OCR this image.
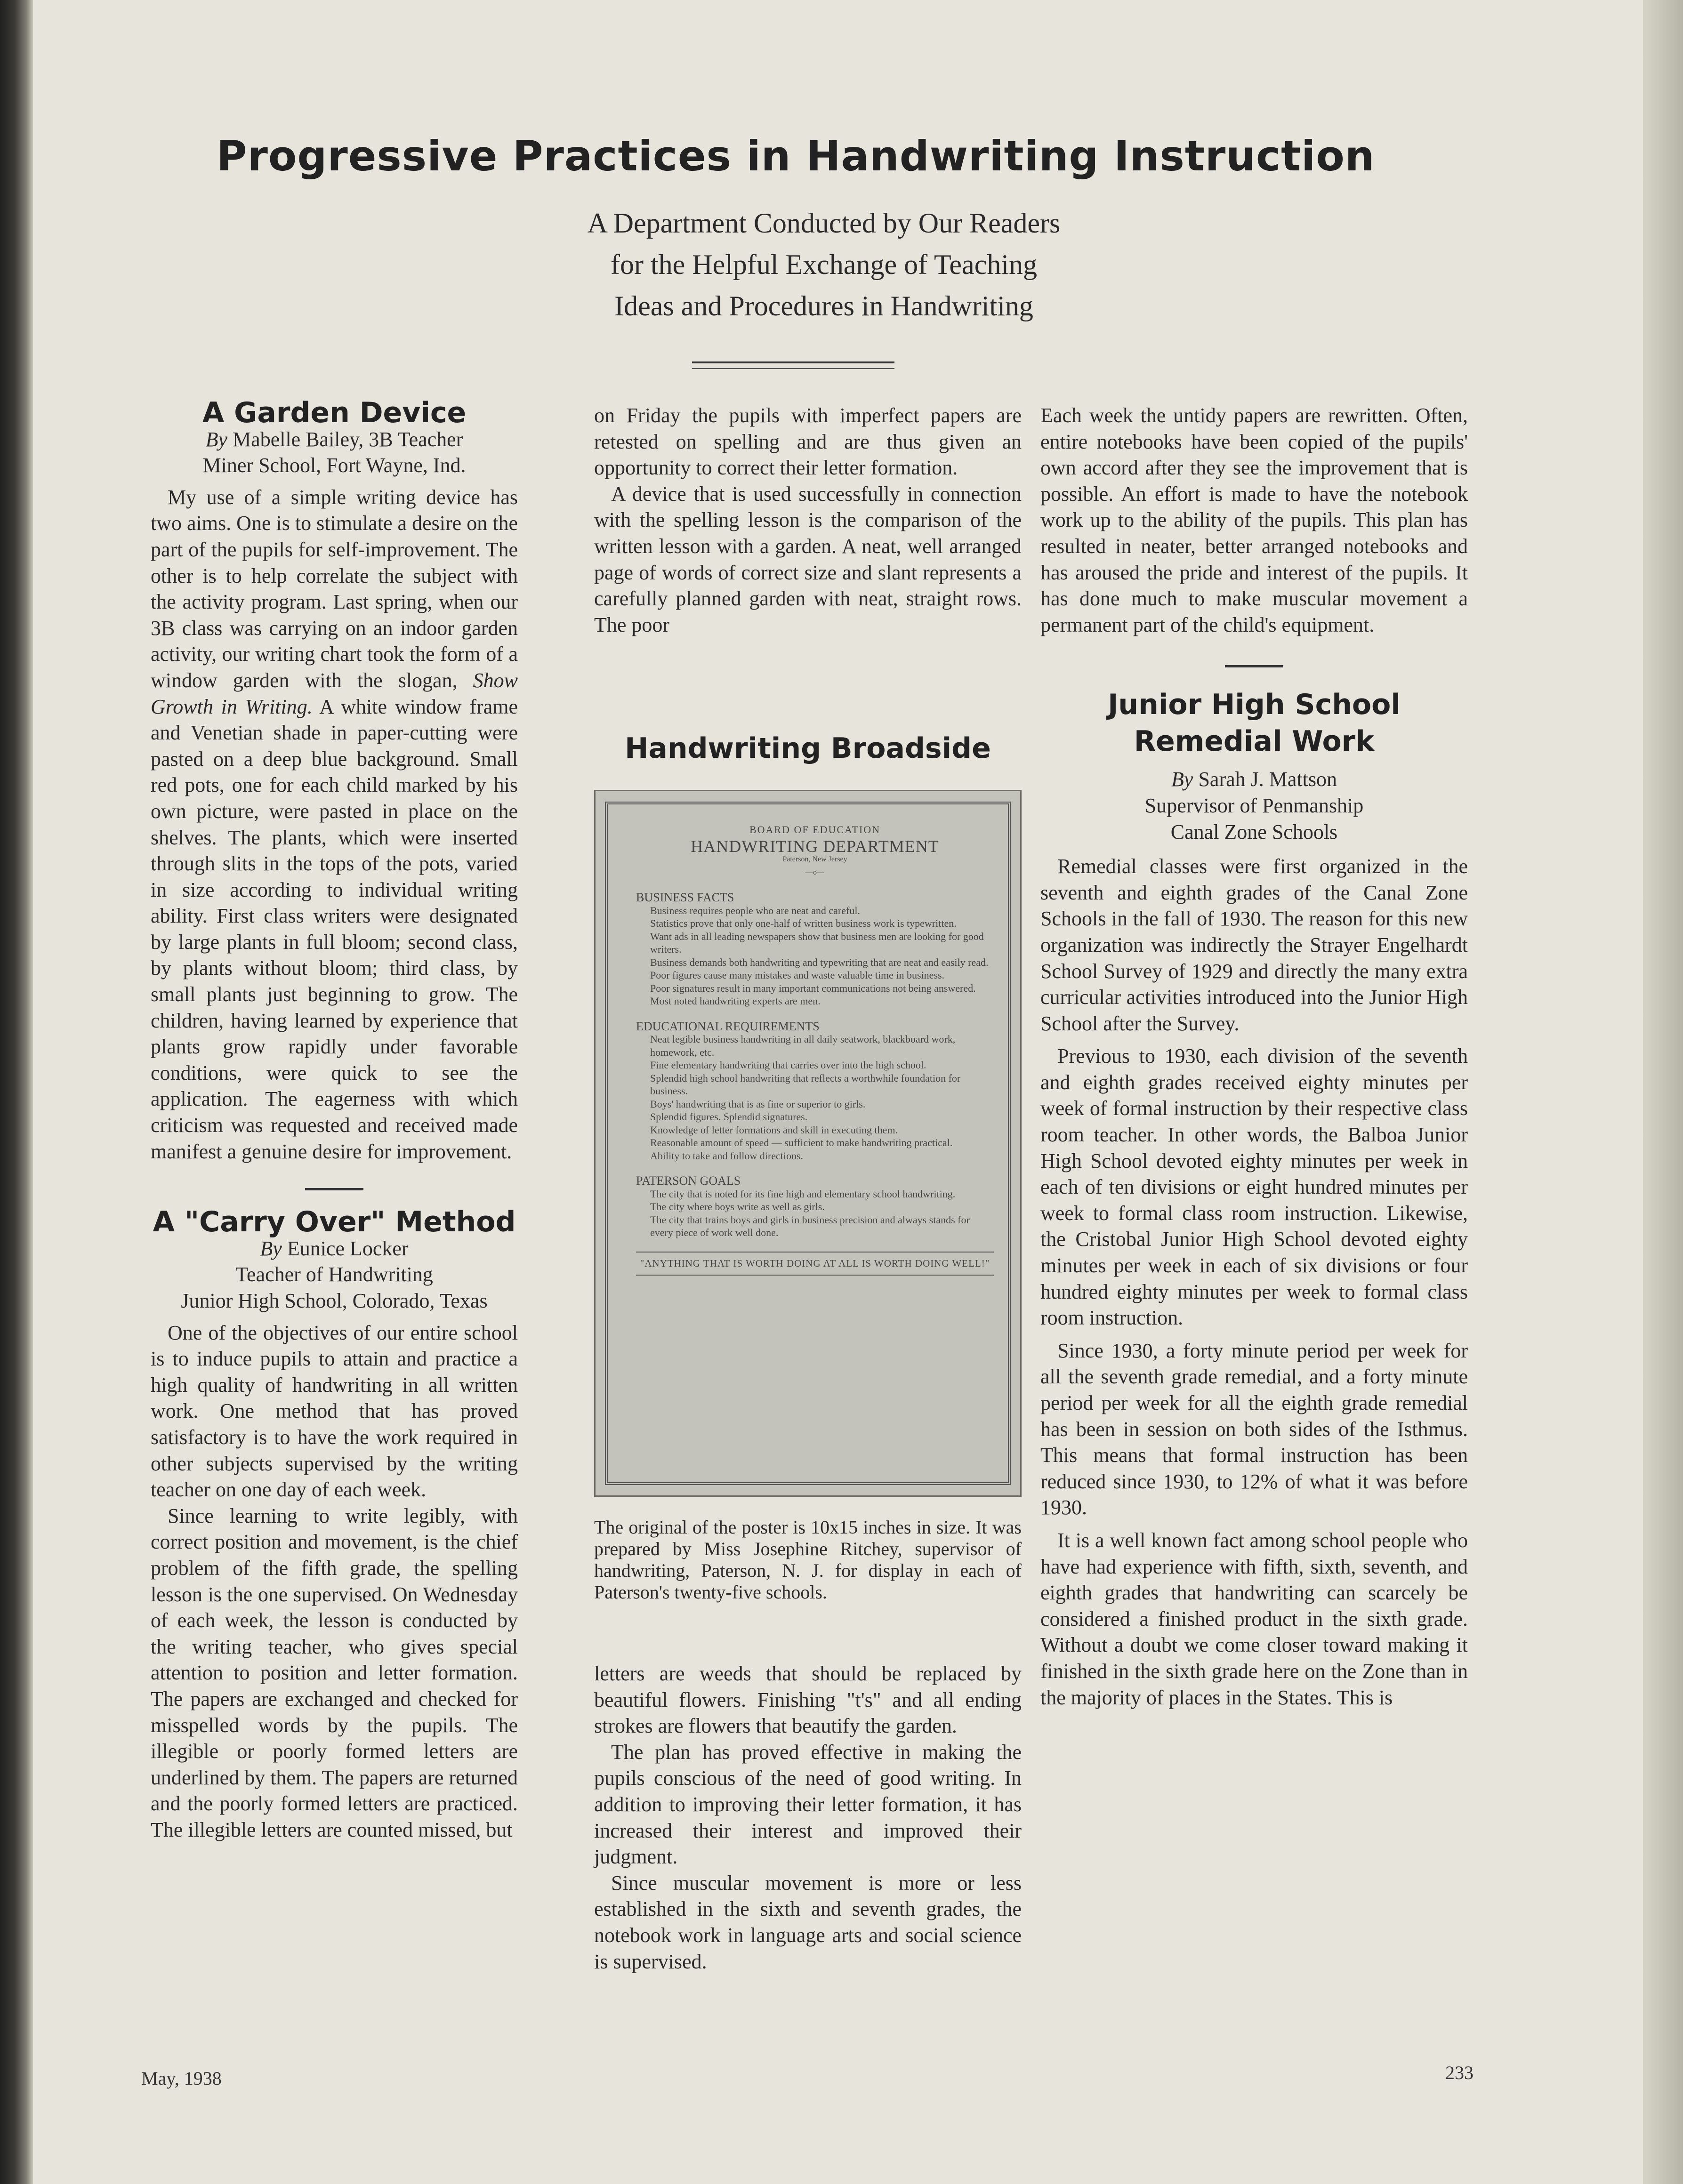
Progressive Practices in Handwriting Instruction
A Department Conducted by Our Readers
for the Helpful Exchange of Teaching
Ideas and Procedures in Handwriting
A Garden Device
By Mabelle Bailey, 3B Teacher
Miner School, Fort Wayne, Ind.

My use of a simple writing device has two aims. One is to stimulate a desire on the part of the pupils for self-improvement. The other is to help correlate the subject with the activity program. Last spring, when our 3B class was carrying on an indoor garden activity, our writing chart took the form of a window garden with the slogan, Show Growth in Writing. A white window frame and Venetian shade in paper-cutting were pasted on a deep blue background. Small red pots, one for each child marked by his own picture, were pasted in place on the shelves. The plants, which were inserted through slits in the tops of the pots, varied in size according to individual writing ability. First class writers were designated by large plants in full bloom; second class, by plants without bloom; third class, by small plants just beginning to grow. The children, having learned by experience that plants grow rapidly under favorable conditions, were quick to see the application. The eagerness with which criticism was requested and received made manifest a genuine desire for improvement.

A "Carry Over" Method
By Eunice Locker
Teacher of Handwriting
Junior High School, Colorado, Texas

One of the objectives of our entire school is to induce pupils to attain and practice a high quality of handwriting in all written work. One method that has proved satisfactory is to have the work required in other subjects supervised by the writing teacher on one day of each week.

Since learning to write legibly, with correct position and movement, is the chief problem of the fifth grade, the spelling lesson is the one supervised. On Wednesday of each week, the lesson is conducted by the writing teacher, who gives special attention to position and letter formation. The papers are exchanged and checked for misspelled words by the pupils. The illegible or poorly formed letters are underlined by them. The papers are returned and the poorly formed letters are practiced. The illegible letters are counted missed, but

on Friday the pupils with imperfect papers are retested on spelling and are thus given an opportunity to correct their letter formation.

A device that is used successfully in connection with the spelling lesson is the comparison of the written lesson with a garden. A neat, well arranged page of words of correct size and slant represents a carefully planned garden with neat, straight rows. The poor

Handwriting Broadside
BOARD OF EDUCATION
HANDWRITING DEPARTMENT
Paterson, New Jersey
—o—
BUSINESS FACTS
Business requires people who are neat and careful.
Statistics prove that only one-half of written business work is typewritten.
Want ads in all leading newspapers show that business men are looking for good writers.
Business demands both handwriting and typewriting that are neat and easily read.
Poor figures cause many mistakes and waste valuable time in business.
Poor signatures result in many important communications not being answered.
Most noted handwriting experts are men.
EDUCATIONAL REQUIREMENTS
Neat legible business handwriting in all daily seatwork, blackboard work, homework, etc.
Fine elementary handwriting that carries over into the high school.
Splendid high school handwriting that reflects a worthwhile foundation for business.
Boys' handwriting that is as fine or superior to girls.
Splendid figures. Splendid signatures.
Knowledge of letter formations and skill in executing them.
Reasonable amount of speed — sufficient to make handwriting practical.
Ability to take and follow directions.
PATERSON GOALS
The city that is noted for its fine high and elementary school handwriting.
The city where boys write as well as girls.
The city that trains boys and girls in business precision and always stands for every piece of work well done.
"ANYTHING THAT IS WORTH DOING AT ALL IS WORTH DOING WELL!"
The original of the poster is 10x15 inches in size. It was prepared by Miss Josephine Ritchey, supervisor of handwriting, Paterson, N. J. for display in each of Paterson's twenty-five schools.

letters are weeds that should be replaced by beautiful flowers. Finishing "t's" and all ending strokes are flowers that beautify the garden.

The plan has proved effective in making the pupils conscious of the need of good writing. In addition to improving their letter formation, it has increased their interest and improved their judgment.

Since muscular movement is more or less established in the sixth and seventh grades, the notebook work in language arts and social science is supervised.

Each week the untidy papers are rewritten. Often, entire notebooks have been copied of the pupils' own accord after they see the improvement that is possible. An effort is made to have the notebook work up to the ability of the pupils. This plan has resulted in neater, better arranged notebooks and has aroused the pride and interest of the pupils. It has done much to make muscular movement a permanent part of the child's equipment.

Junior High School
Remedial Work
By Sarah J. Mattson
Supervisor of Penmanship
Canal Zone Schools

Remedial classes were first organized in the seventh and eighth grades of the Canal Zone Schools in the fall of 1930. The reason for this new organization was indirectly the Strayer Engelhardt School Survey of 1929 and directly the many extra curricular activities introduced into the Junior High School after the Survey.

Previous to 1930, each division of the seventh and eighth grades received eighty minutes per week of formal instruction by their respective class room teacher. In other words, the Balboa Junior High School devoted eighty minutes per week in each of ten divisions or eight hundred minutes per week to formal class room instruction. Likewise, the Cristobal Junior High School devoted eighty minutes per week in each of six divisions or four hundred eighty minutes per week to formal class room instruction.

Since 1930, a forty minute period per week for all the seventh grade remedial, and a forty minute period per week for all the eighth grade remedial has been in session on both sides of the Isthmus. This means that formal instruction has been reduced since 1930, to 12% of what it was before 1930.

It is a well known fact among school people who have had experience with fifth, sixth, seventh, and eighth grades that handwriting can scarcely be considered a finished product in the sixth grade. Without a doubt we come closer toward making it finished in the sixth grade here on the Zone than in the majority of places in the States. This is

May, 1938	233
